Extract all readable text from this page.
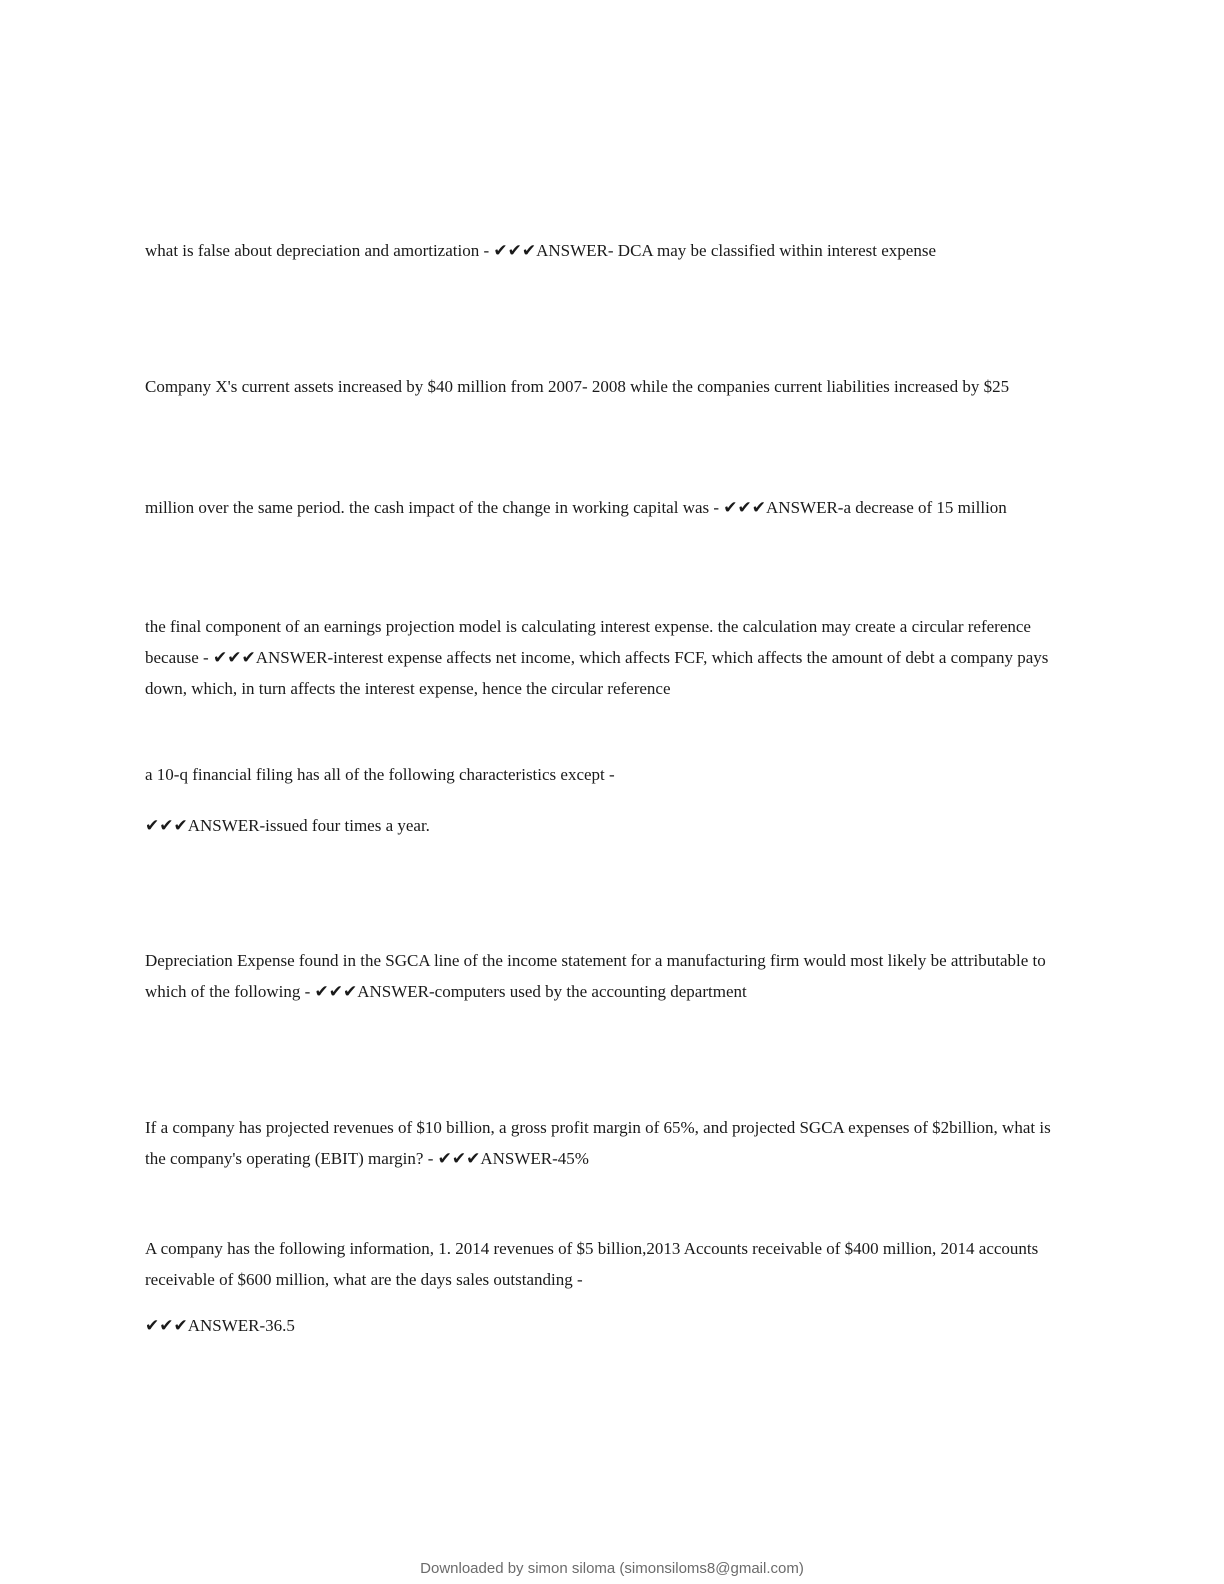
what is false about depreciation and amortization - ✔✔✔ANSWER- DCA may be classified within interest expense

Company X's current assets increased by $40 million from 2007- 2008 while the companies current liabilities increased by $25

million over the same period. the cash impact of the change in working capital was - ✔✔✔ANSWER-a decrease of 15 million

the final component of an earnings projection model is calculating interest expense. the calculation may create a circular reference because - ✔✔✔ANSWER-interest expense affects net income, which affects FCF, which affects the amount of debt a company pays down, which, in turn affects the interest expense, hence the circular reference

a 10-q financial filing has all of the following characteristics except -

✔✔✔ANSWER-issued four times a year.

Depreciation Expense found in the SGCA line of the income statement for a manufacturing firm would most likely be attributable to which of the following - ✔✔✔ANSWER-computers used by the accounting department

If a company has projected revenues of $10 billion, a gross profit margin of 65%, and projected SGCA expenses of $2billion, what is the company's operating (EBIT) margin? - ✔✔✔ANSWER-45%

A company has the following information, 1. 2014 revenues of $5 billion,2013 Accounts receivable of $400 million, 2014 accounts receivable of $600 million, what are the days sales outstanding -

✔✔✔ANSWER-36.5

Downloaded by simon siloma (simonsiloms8@gmail.com)
